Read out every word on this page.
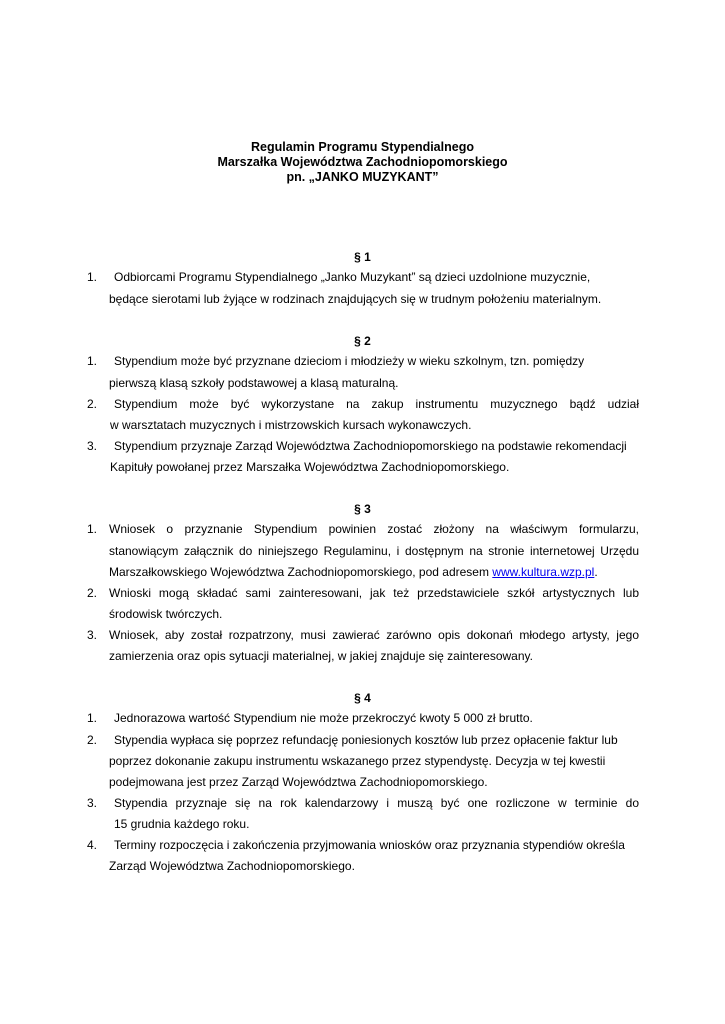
Regulamin Programu Stypendialnego
Marszałka Województwa Zachodniopomorskiego
pn. „JANKO MUZYKANT”
§ 1
1. Odbiorcami Programu Stypendialnego „Janko Muzykant” są dzieci uzdolnione muzycznie,
będące sierotami lub żyjące w rodzinach znajdujących się w trudnym położeniu materialnym.
§ 2
1. Stypendium może być przyznane dzieciom i młodzieży w wieku szkolnym, tzn. pomiędzy
pierwszą klasą szkoły podstawowej a klasą maturalną.
2. Stypendium może być wykorzystane na zakup instrumentu muzycznego bądź udział
w warsztatach muzycznych i mistrzowskich kursach wykonawczych.
3. Stypendium przyznaje Zarząd Województwa Zachodniopomorskiego na podstawie rekomendacji
Kapituły powołanej przez Marszałka Województwa Zachodniopomorskiego.
§ 3
1. Wniosek o przyznanie Stypendium powinien zostać złożony na właściwym formularzu,
stanowiącym załącznik do niniejszego Regulaminu, i dostępnym na stronie internetowej Urzędu
Marszałkowskiego Województwa Zachodniopomorskiego, pod adresem www.kultura.wzp.pl.
2. Wnioski mogą składać sami zainteresowani, jak też przedstawiciele szkół artystycznych lub
środowisk twórczych.
3. Wniosek, aby został rozpatrzony, musi zawierać zarówno opis dokonań młodego artysty, jego
zamierzenia oraz opis sytuacji materialnej, w jakiej znajduje się zainteresowany.
§ 4
1. Jednorazowa wartość Stypendium nie może przekroczyć kwoty 5 000 zł brutto.
2. Stypendia wypłaca się poprzez refundację poniesionych kosztów lub przez opłacenie faktur lub
poprzez dokonanie zakupu instrumentu wskazanego przez stypendystę. Decyzja w tej kwestii
podejmowana jest przez Zarząd Województwa Zachodniopomorskiego.
3. Stypendia przyznaje się na rok kalendarzowy i muszą być one rozliczone w terminie do
15 grudnia każdego roku.
4. Terminy rozpoczęcia i zakończenia przyjmowania wniosków oraz przyznania stypendiów określa
Zarząd Województwa Zachodniopomorskiego.
